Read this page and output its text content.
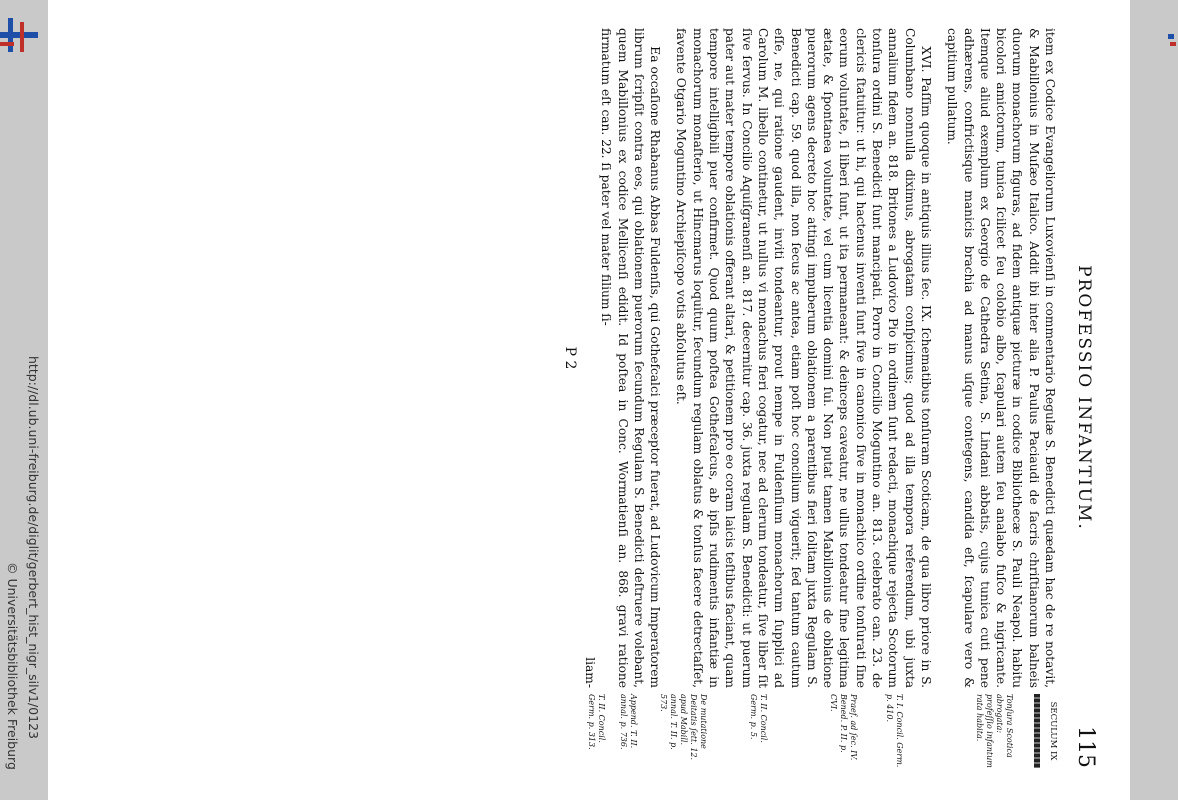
http://dl.ub.uni-freiburg.de/diglit/gerbert_hist_nigr_silv1/0123
© Universitätsbibliothek Freiburg
PROFESSIO INFANTIUM.
115

item ex Codice Evangeliorum Luxovienſi in commentario Regulæ S. Benedicti quædam hac de re notavit, & Mabillonius in Muſæo Italico. Addit ibi inter alia P. Paulus Paciaudi de ſacris chriſtianorum balneis duorum monachorum figuras, ad fidem antiquæ picturæ in codice Bibliothecæ S. Pauli Neapol. habitu bicolori amictorum, tunica ſcilicet ſeu colobio albo, ſcapulari autem ſeu analabo fuſco & nigricante. Itemque aliud exemplum ex Georgio de Cathedra Setina, S. Lindani abbatis, cujus tunica cuti pene adhærens, confrictisque manicis brachia ad manus uſque contegens, candida eſt, ſcapulare vero & capitium pullatum.

XVI. Paſſim quoque in antiquis illius ſec. IX. ſchematibus tonſuram Scoticam, de qua libro priore in S. Columbano nonnulla diximus, abrogatam conſpicimus; quod ad illa tempora referendum, ubi juxta annalium fidem an. 818. Britones a Ludovico Pio in ordinem ſunt redacti, monachique rejecta Scotorum tonſura ordini S. Benedicti ſunt mancipati. Porro in Concilio Moguntino an. 813. celebrato can. 23. de clericis ſtatuitur: ut hi, qui hactenus inventi ſunt ſive in canonico ſive in monachico ordine tonſurati ſine eorum voluntate, ſi liberi ſunt, ut ita permaneant: & deinceps caveatur, ne ullus tondeatur ſine legitima ætate, & ſpontanea voluntate, vel cum licentia domini ſui. Non putat tamen Mabillonius de oblatione puerorum agens decreto hoc attingi impuberum oblationem a parentibus fieri ſolitam juxta Regulam S. Benedicti cap. 59. quod illa, non ſecus ac antea, etiam poſt hoc concilium viguerit; ſed tantum cautum eſſe, ne, qui ratione gaudent, inviti tondeantur, prout nempe in Fuldenſium monachorum ſupplici ad Carolum M. libello continetur, ut nullus vi monachus fieri cogatur, nec ad clerum tondeatur, ſive liber ſit ſive ſervus. In Concilio Aquiſgranenſi an. 817. decernitur cap. 36. juxta regulam S. Benedicti: ut puerum pater aut mater tempore oblationis offerant altari, & petitionem pro eo coram laicis teſtibus faciant, quam tempore intelligibili puer confirmet. Quod quum poſtea Gothefcalcus, ab ipſis rudimentis infantiæ in monachorum monaſterio, ut Hincmarus loquitur, ſecundum regulam oblatus & tonſus facere detrectaſſet, favente Otgario Moguntino Archiepiſcopo votis abſolutus eſt.

Ea occaſione Rhabanus Abbas Fuldenſis, qui Gothefcalci præceptor fuerat, ad Ludovicum Imperatorem librum ſcripſit contra eos, qui oblationem puerorum ſecundum Regulam S. Benedicti deſtruere volebant, quem Mabillonius ex codice Mellicenſi edidit. Id poſtea in Conc. Wormatienſi an. 868. gravi ratione firmatum eſt can. 22. ſi pater vel mater filium ſi-

liam-
P 2
SECULUM IX
Tonſura Scotica abrogata: profeſſio infantum rata habita.
T. I. Concil. Germ. p. 410.
Praef. ad ſec. IV. Bened. P. II. p. CVI.
T. II. Concil. Germ. p. 5.
De mutatione Deitatis ſett. 12. apud Mabill. annal. T. II. p. 573.
Append. T. II. annal. p. 736.
T. II. Concil. Germ. p. 313.
